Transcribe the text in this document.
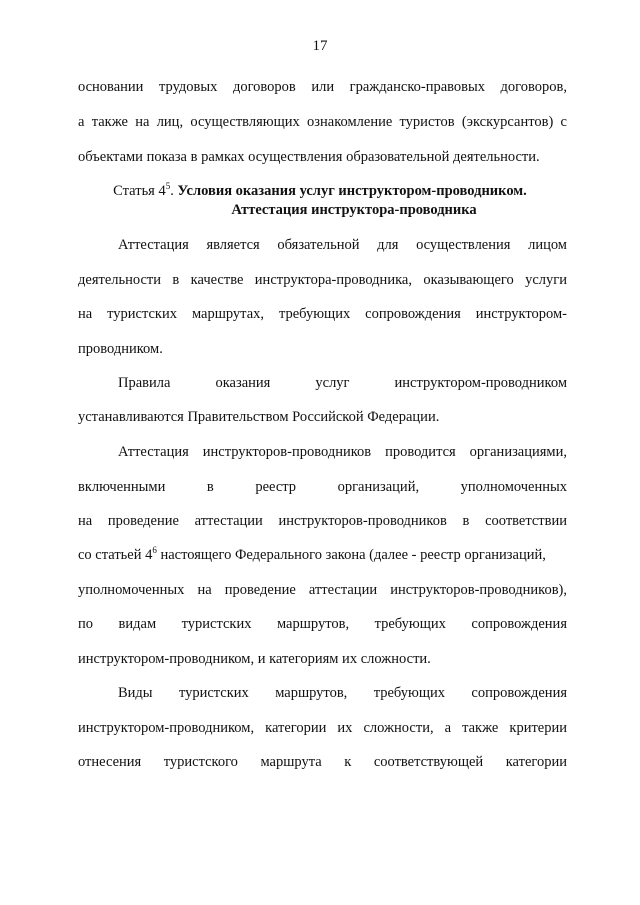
17
основании трудовых договоров или гражданско-правовых договоров,
а также на лиц, осуществляющих ознакомление туристов (экскурсантов) с
объектами показа в рамках осуществления образовательной деятельности.
Статья $4^5$. Условия оказания услуг инструктором-проводником.
Аттестация инструктора-проводника
Аттестация является обязательной для осуществления лицом
деятельности в качестве инструктора-проводника, оказывающего услуги
на туристских маршрутах, требующих сопровождения инструктором-
проводником.
Правила оказания услуг инструктором-проводником
устанавливаются Правительством Российской Федерации.
Аттестация инструкторов-проводников проводится организациями,
включенными в реестр организаций, уполномоченных
на проведение аттестации инструкторов-проводников в соответствии
со статьей $4^6$ настоящего Федерального закона (далее - реестр организаций,
уполномоченных на проведение аттестации инструкторов-проводников),
по видам туристских маршрутов, требующих сопровождения
инструктором-проводником, и категориям их сложности.
Виды туристских маршрутов, требующих сопровождения
инструктором-проводником, категории их сложности, а также критерии
отнесения туристского маршрута к соответствующей категории
